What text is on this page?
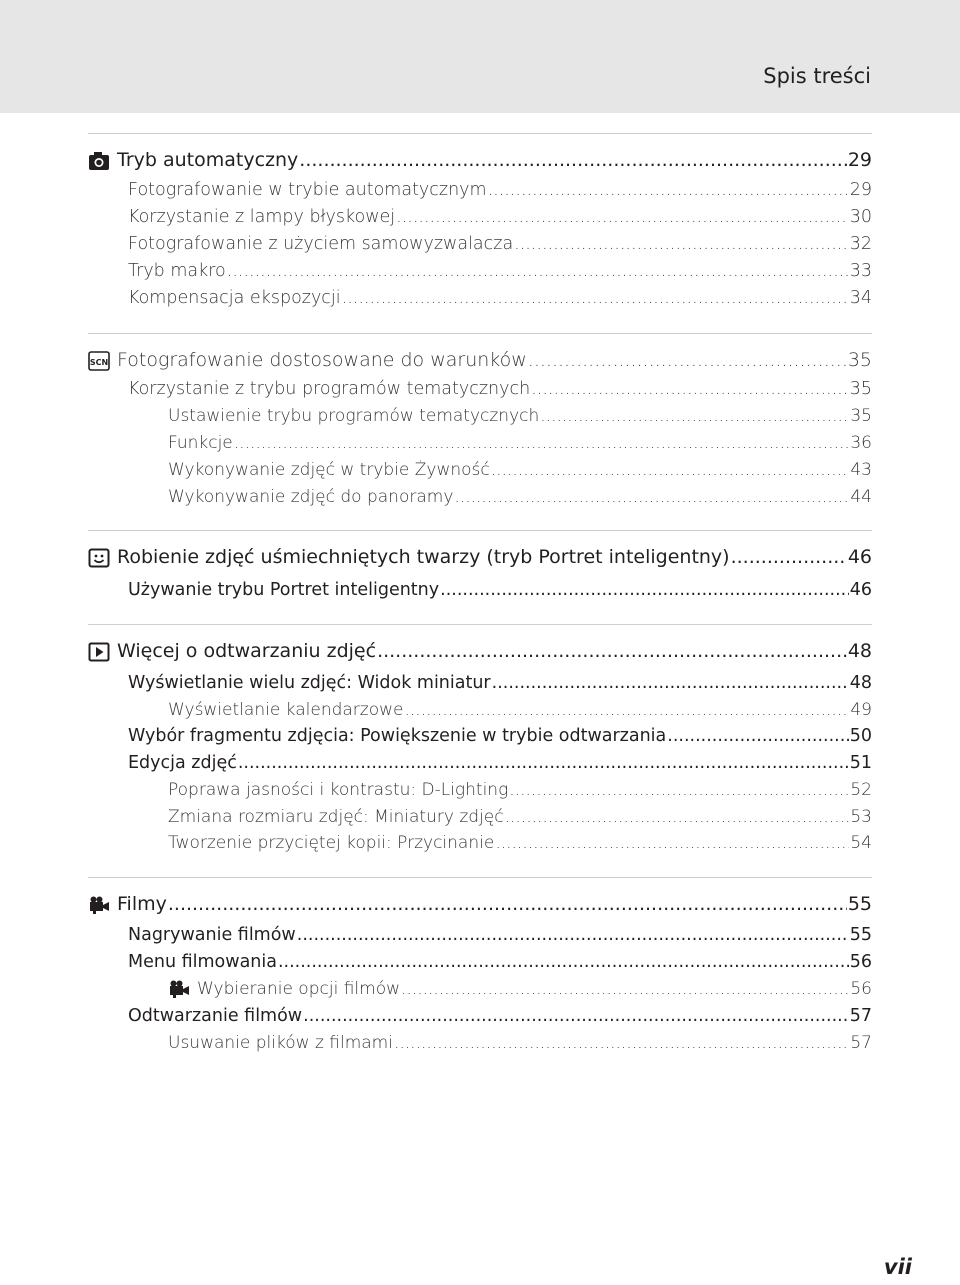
Spis treści
Tryb automatyczny .....	29
Fotografowanie w trybie automatycznym .....	29
Korzystanie z lampy błyskowej .....	30
Fotografowanie z użyciem samowyzwalacza .....	32
Tryb makro .....	33
Kompensacja ekspozycji .....	34
SCN Fotografowanie dostosowane do warunków .....	35
Korzystanie z trybu programów tematycznych .....	35
Ustawienie trybu programów tematycznych .....	35
Funkcje .....	36
Wykonywanie zdjęć w trybie Żywność .....	43
Wykonywanie zdjęć do panoramy .....	44
Robienie zdjęć uśmiechniętych twarzy (tryb Portret inteligentny) .....	46
Używanie trybu Portret inteligentny .....	46
Więcej o odtwarzaniu zdjęć .....	48
Wyświetlanie wielu zdjęć: Widok miniatur .....	48
Wyświetlanie kalendarzowe .....	49
Wybór fragmentu zdjęcia: Powiększenie w trybie odtwarzania .....	50
Edycja zdjęć .....	51
Poprawa jasności i kontrastu: D-Lighting .....	52
Zmiana rozmiaru zdjęć: Miniatury zdjęć .....	53
Tworzenie przyciętej kopii: Przycinanie .....	54
Filmy .....	55
Nagrywanie filmów .....	55
Menu filmowania .....	56
Wybieranie opcji filmów .....	56
Odtwarzanie filmów .....	57
Usuwanie plików z filmami .....	57
vii
